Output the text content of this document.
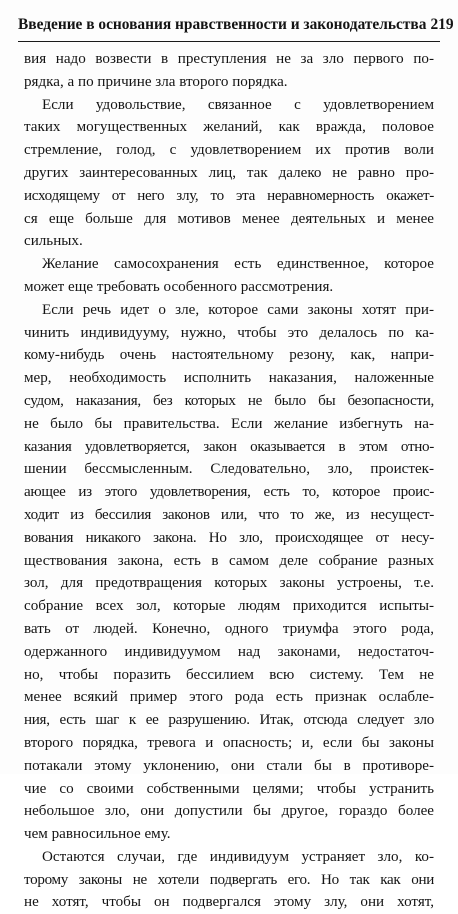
Введение в основания нравственности и законодательства 219
вия надо возвести в преступления не за зло первого по-
рядка, а по причине зла второго порядка.
Если удовольствие, связанное с удовлетворением
таких могущественных желаний, как вражда, половое
стремление, голод, с удовлетворением их против воли
других заинтересованных лиц, так далеко не равно про-
исходящему от него злу, то эта неравномерность окажет-
ся еще больше для мотивов менее деятельных и менее
сильных.
Желание самосохранения есть единственное, которое
может еще требовать особенного рассмотрения.
Если речь идет о зле, которое сами законы хотят при-
чинить индивидууму, нужно, чтобы это делалось по ка-
кому-нибудь очень настоятельному резону, как, напри-
мер, необходимость исполнить наказания, наложенные
судом, наказания, без которых не было бы безопасности,
не было бы правительства. Если желание избегнуть на-
казания удовлетворяется, закон оказывается в этом отно-
шении бессмысленным. Следовательно, зло, проистек-
ающее из этого удовлетворения, есть то, которое проис-
ходит из бессилия законов или, что то же, из несущест-
вования никакого закона. Но зло, происходящее от несу-
ществования закона, есть в самом деле собрание разных
зол, для предотвращения которых законы устроены, т.е.
собрание всех зол, которые людям приходится испыты-
вать от людей. Конечно, одного триумфа этого рода,
одержанного индивидуумом над законами, недостаточ-
но, чтобы поразить бессилием всю систему. Тем не
менее всякий пример этого рода есть признак ослабле-
ния, есть шаг к ее разрушению. Итак, отсюда следует зло
второго порядка, тревога и опасность; и, если бы законы
потакали этому уклонению, они стали бы в противоре-
чие со своими собственными целями; чтобы устранить
небольшое зло, они допустили бы другое, гораздо более
чем равносильное ему.
Остаются случаи, где индивидуум устраняет зло, ко-
торому законы не хотели подвергать его. Но так как они
не хотят, чтобы он подвергался этому злу, они хотят,
